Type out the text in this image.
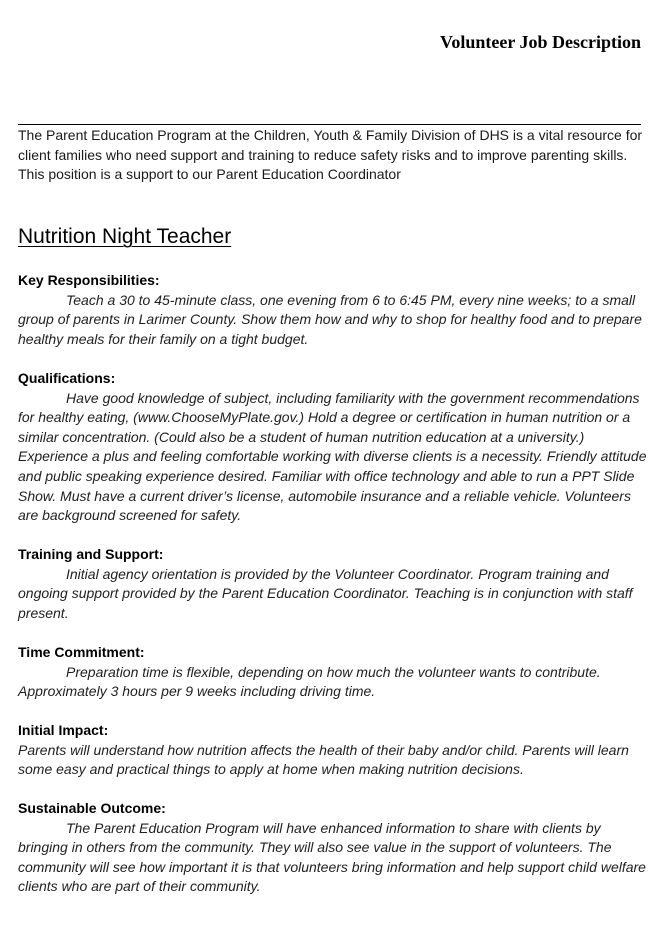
Volunteer Job Description

The Parent Education Program at the Children, Youth & Family Division of DHS is a vital resource for client families who need support and training to reduce safety risks and to improve parenting skills. This position is a support to our Parent Education Coordinator

Nutrition Night Teacher

Key Responsibilities:

Teach a 30 to 45-minute class, one evening from 6 to 6:45 PM, every nine weeks; to a small group of parents in Larimer County. Show them how and why to shop for healthy food and to prepare healthy meals for their family on a tight budget.

Qualifications:

Have good knowledge of subject, including familiarity with the government recommendations for healthy eating, (www.ChooseMyPlate.gov.) Hold a degree or certification in human nutrition or a similar concentration. (Could also be a student of human nutrition education at a university.) Experience a plus and feeling comfortable working with diverse clients is a necessity. Friendly attitude and public speaking experience desired. Familiar with office technology and able to run a PPT Slide Show. Must have a current driver’s license, automobile insurance and a reliable vehicle. Volunteers are background screened for safety.

Training and Support:

Initial agency orientation is provided by the Volunteer Coordinator. Program training and ongoing support provided by the Parent Education Coordinator. Teaching is in conjunction with staff present.

Time Commitment:

Preparation time is flexible, depending on how much the volunteer wants to contribute. Approximately 3 hours per 9 weeks including driving time.

Initial Impact:

Parents will understand how nutrition affects the health of their baby and/or child. Parents will learn some easy and practical things to apply at home when making nutrition decisions.

Sustainable Outcome:

The Parent Education Program will have enhanced information to share with clients by bringing in others from the community. They will also see value in the support of volunteers. The community will see how important it is that volunteers bring information and help support child welfare clients who are part of their community.
